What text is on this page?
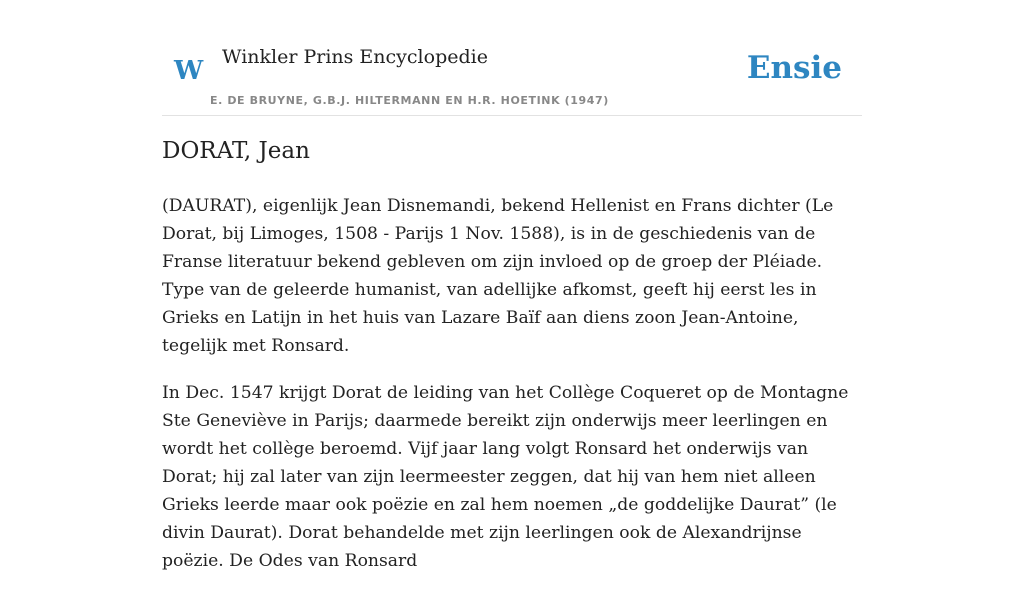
W Winkler Prins Encyclopedie
E. DE BRUYNE, G.B.J. HILTERMANN EN H.R. HOETINK (1947)
Ensie
DORAT, Jean

(DAURAT), eigenlijk Jean Disnemandi, bekend Hellenist en Frans dichter (Le Dorat, bij Limoges, 1508 - Parijs 1 Nov. 1588), is in de geschiedenis van de Franse literatuur bekend gebleven om zijn invloed op de groep der Pléiade. Type van de geleerde humanist, van adellijke afkomst, geeft hij eerst les in Grieks en Latijn in het huis van Lazare Baïf aan diens zoon Jean-Antoine, tegelijk met Ronsard.

In Dec. 1547 krijgt Dorat de leiding van het Collège Coqueret op de Montagne Ste Geneviève in Parijs; daarmede bereikt zijn onderwijs meer leerlingen en wordt het collège beroemd. Vijf jaar lang volgt Ronsard het onderwijs van Dorat; hij zal later van zijn leermeester zeggen, dat hij van hem niet alleen Grieks leerde maar ook poëzie en zal hem noemen „de goddelijke Daurat” (le divin Daurat). Dorat behandelde met zijn leerlingen ook de Alexandrijnse poëzie. De Odes van Ronsard
